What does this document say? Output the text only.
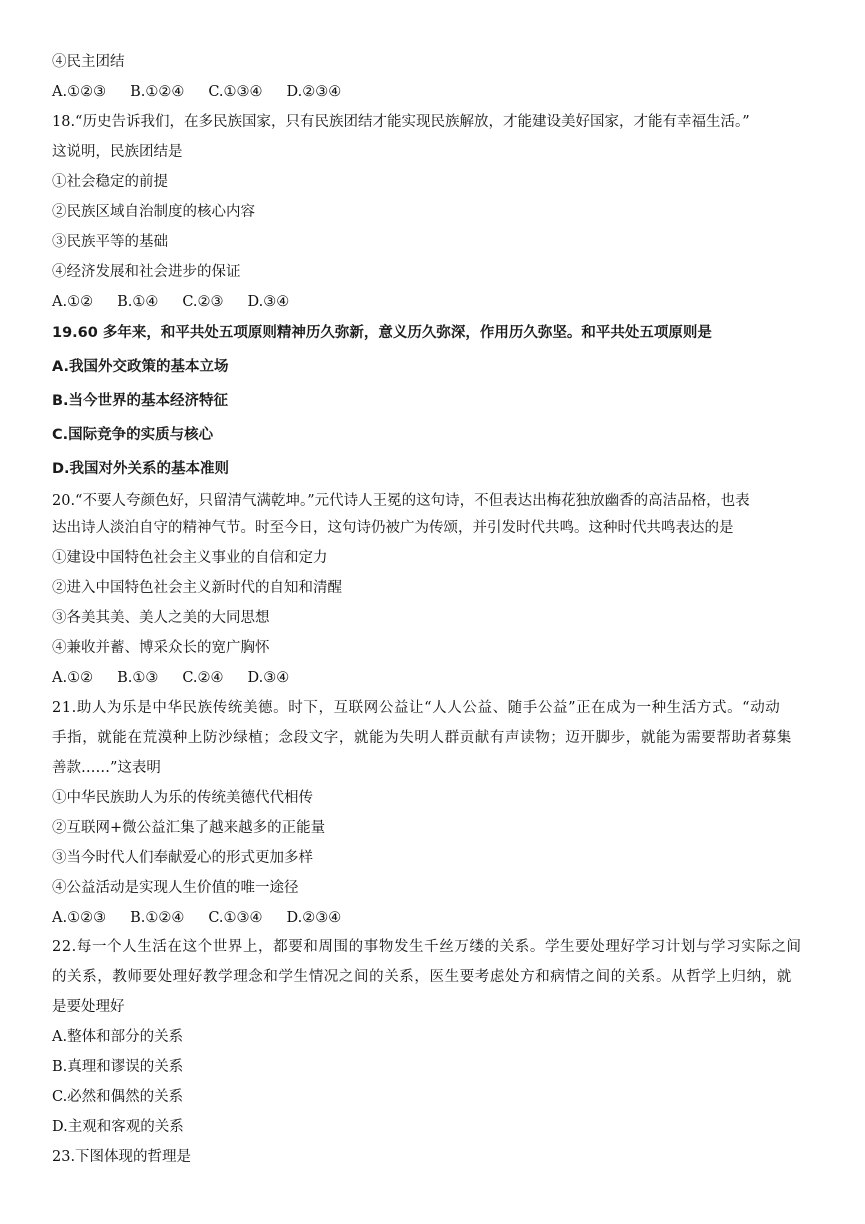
④民主团结
A.①②③ B.①②④ C.①③④ D.②③④
18.“历史告诉我们，在多民族国家，只有民族团结才能实现民族解放，才能建设美好国家，才能有幸福生活。”
这说明，民族团结是
①社会稳定的前提
②民族区域自治制度的核心内容
③民族平等的基础
④经济发展和社会进步的保证
A.①② B.①④ C.②③ D.③④
19.60 多年来，和平共处五项原则精神历久弥新，意义历久弥深，作用历久弥坚。和平共处五项原则是
A.我国外交政策的基本立场
B.当今世界的基本经济特征
C.国际竞争的实质与核心
D.我国对外关系的基本准则
20.“不要人夸颜色好，只留清气满乾坤。”元代诗人王冕的这句诗，不但表达出梅花独放幽香的高洁品格，也表
达出诗人淡泊自守的精神气节。时至今日，这句诗仍被广为传颂，并引发时代共鸣。这种时代共鸣表达的是
①建设中国特色社会主义事业的自信和定力
②进入中国特色社会主义新时代的自知和清醒
③各美其美、美人之美的大同思想
④兼收并蓄、博采众长的宽广胸怀
A.①② B.①③ C.②④ D.③④
21.助人为乐是中华民族传统美德。时下，互联网公益让“人人公益、随手公益”正在成为一种生活方式。“动动
手指，就能在荒漠种上防沙绿植；念段文字，就能为失明人群贡献有声读物；迈开脚步，就能为需要帮助者募集
善款……”这表明
①中华民族助人为乐的传统美德代代相传
②互联网+微公益汇集了越来越多的正能量
③当今时代人们奉献爱心的形式更加多样
④公益活动是实现人生价值的唯一途径
A.①②③ B.①②④ C.①③④ D.②③④
22.每一个人生活在这个世界上，都要和周围的事物发生千丝万缕的关系。学生要处理好学习计划与学习实际之间
的关系，教师要处理好教学理念和学生情况之间的关系，医生要考虑处方和病情之间的关系。从哲学上归纳，就
是要处理好
A.整体和部分的关系
B.真理和谬误的关系
C.必然和偶然的关系
D.主观和客观的关系
23.下图体现的哲理是
